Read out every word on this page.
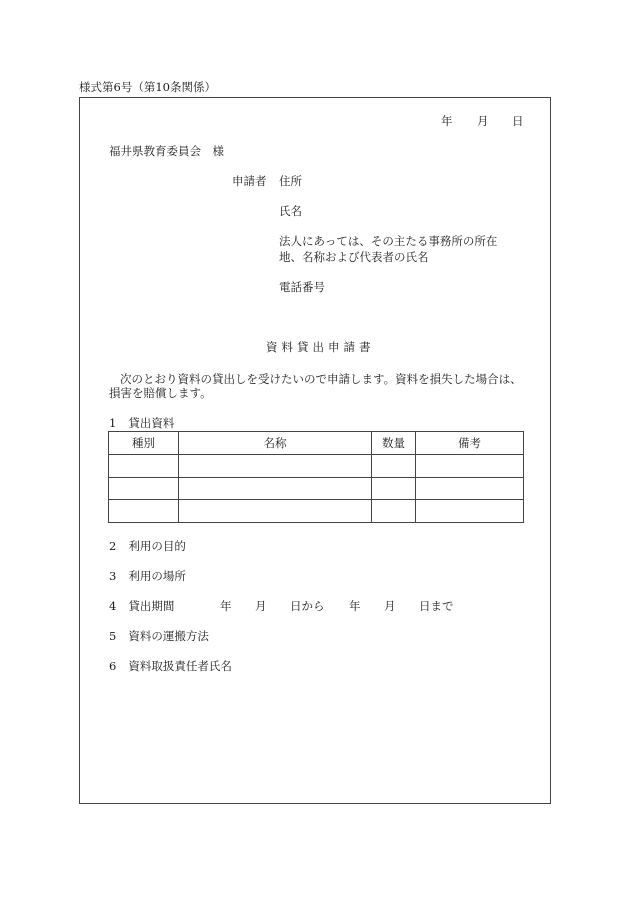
様式第6号（第10条関係）
年 月 日
福井県教育委員会　様
申請者 住所
氏名
法人にあっては、その主たる事務所の所在
地、名称および代表者の氏名
電話番号
資料貸出申請書
次のとおり資料の貸出しを受けたいので申請します。資料を損失した場合は、
損害を賠償します。
1 貸出資料
種別	名称	数量	備考

2 利用の目的
3 利用の場所
4 貸出期間	年 月 日から 年 月 日まで
5 資料の運搬方法
6 資料取扱責任者氏名
